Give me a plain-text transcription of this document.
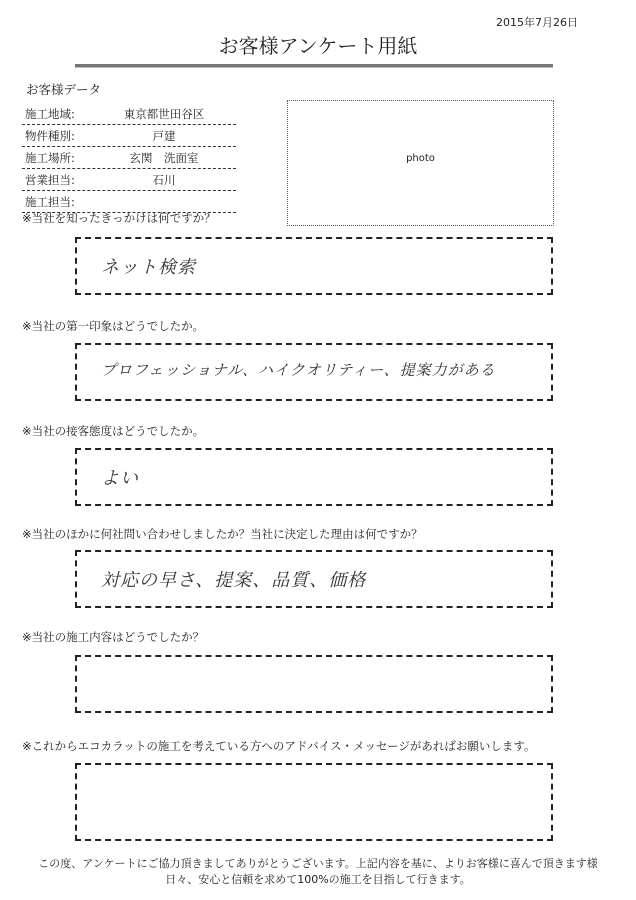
2015年7月26日
お客様アンケート用紙
お客様データ
施工地域:	東京都世田谷区
物件種別:	戸建
施工場所:	玄関　洗面室
営業担当:	石川
施工担当:
photo
※当社を知ったきっかけは何ですか？
ネット検索
※当社の第一印象はどうでしたか。
プロフェッショナル、ハイクオリティー、提案力がある
※当社の接客態度はどうでしたか。
よい
※当社のほかに何社問い合わせしましたか？当社に決定した理由は何ですか？
対応の早さ、提案、品質、価格
※当社の施工内容はどうでしたか？
※これからエコカラットの施工を考えている方へのアドバイス・メッセージがあればお願いします。
この度、アンケートにご協力頂きましてありがとうございます。上記内容を基に、よりお客様に喜んで頂きます様
日々、安心と信頼を求めて100%の施工を目指して行きます。
